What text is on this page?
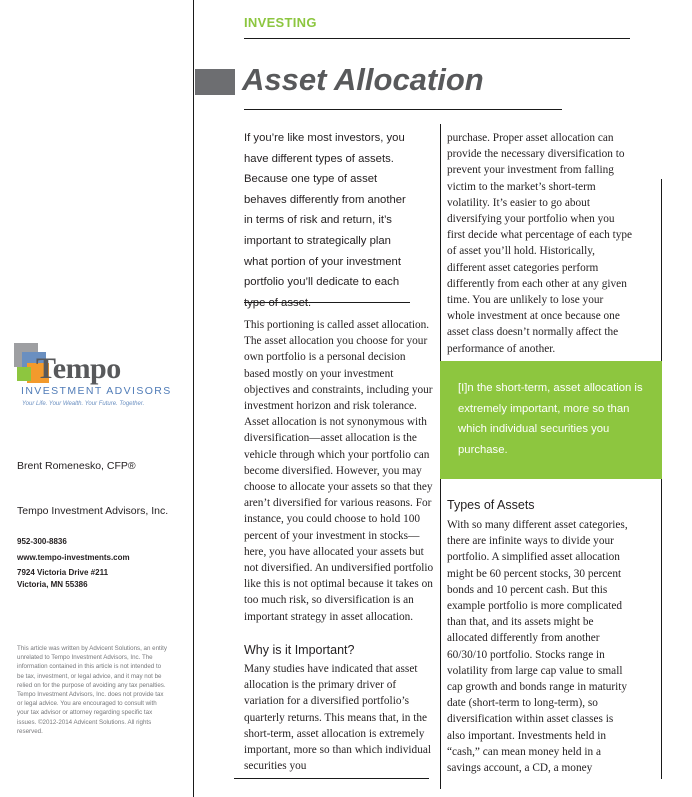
INVESTING
Asset Allocation
If you’re like most investors, you have different types of assets. Because one type of asset behaves differently from another in terms of risk and return, it’s important to strategically plan what portion of your investment portfolio you’ll dedicate to each type of asset.
This portioning is called asset allocation. The asset allocation you choose for your own portfolio is a personal decision based mostly on your investment objectives and constraints, including your investment horizon and risk tolerance. Asset allocation is not synonymous with diversification—asset allocation is the vehicle through which your portfolio can become diversified. However, you may choose to allocate your assets so that they aren’t diversified for various reasons. For instance, you could choose to hold 100 percent of your investment in stocks—here, you have allocated your assets but not diversified. An undiversified portfolio like this is not optimal because it takes on too much risk, so diversification is an important strategy in asset allocation.
Why is it Important?
Many studies have indicated that asset allocation is the primary driver of variation for a diversified portfolio’s quarterly returns. This means that, in the short-term, asset allocation is extremely important, more so than which individual securities you
purchase. Proper asset allocation can provide the necessary diversification to prevent your investment from falling victim to the market’s short-term volatility. It’s easier to go about diversifying your portfolio when you first decide what percentage of each type of asset you’ll hold. Historically, different asset categories perform differently from each other at any given time. You are unlikely to lose your whole investment at once because one asset class doesn’t normally affect the performance of another.
[I]n the short-term, asset allocation is extremely important, more so than which individual securities you purchase.
Types of Assets
With so many different asset categories, there are infinite ways to divide your portfolio. A simplified asset allocation might be 60 percent stocks, 30 percent bonds and 10 percent cash. But this example portfolio is more complicated than that, and its assets might be allocated differently from another 60/30/10 portfolio. Stocks range in volatility from large cap value to small cap growth and bonds range in maturity date (short-term to long-term), so diversification within asset classes is also important. Investments held in “cash,” can mean money held in a savings account, a CD, a money
Tempo
INVESTMENT ADVISORS
Your Life. Your Wealth. Your Future. Together.
Brent Romenesko, CFP®
Tempo Investment Advisors, Inc.
952-300-8836
www.tempo-investments.com
7924 Victoria Drive #211
Victoria, MN 55386
This article was written by Advicent Solutions, an entity unrelated to Tempo Investment Advisors, Inc. The information contained in this article is not intended to be tax, investment, or legal advice, and it may not be relied on for the purpose of avoiding any tax penalties. Tempo Investment Advisors, Inc. does not provide tax or legal advice. You are encouraged to consult with your tax advisor or attorney regarding specific tax issues. ©2012-2014 Advicent Solutions. All rights reserved.
